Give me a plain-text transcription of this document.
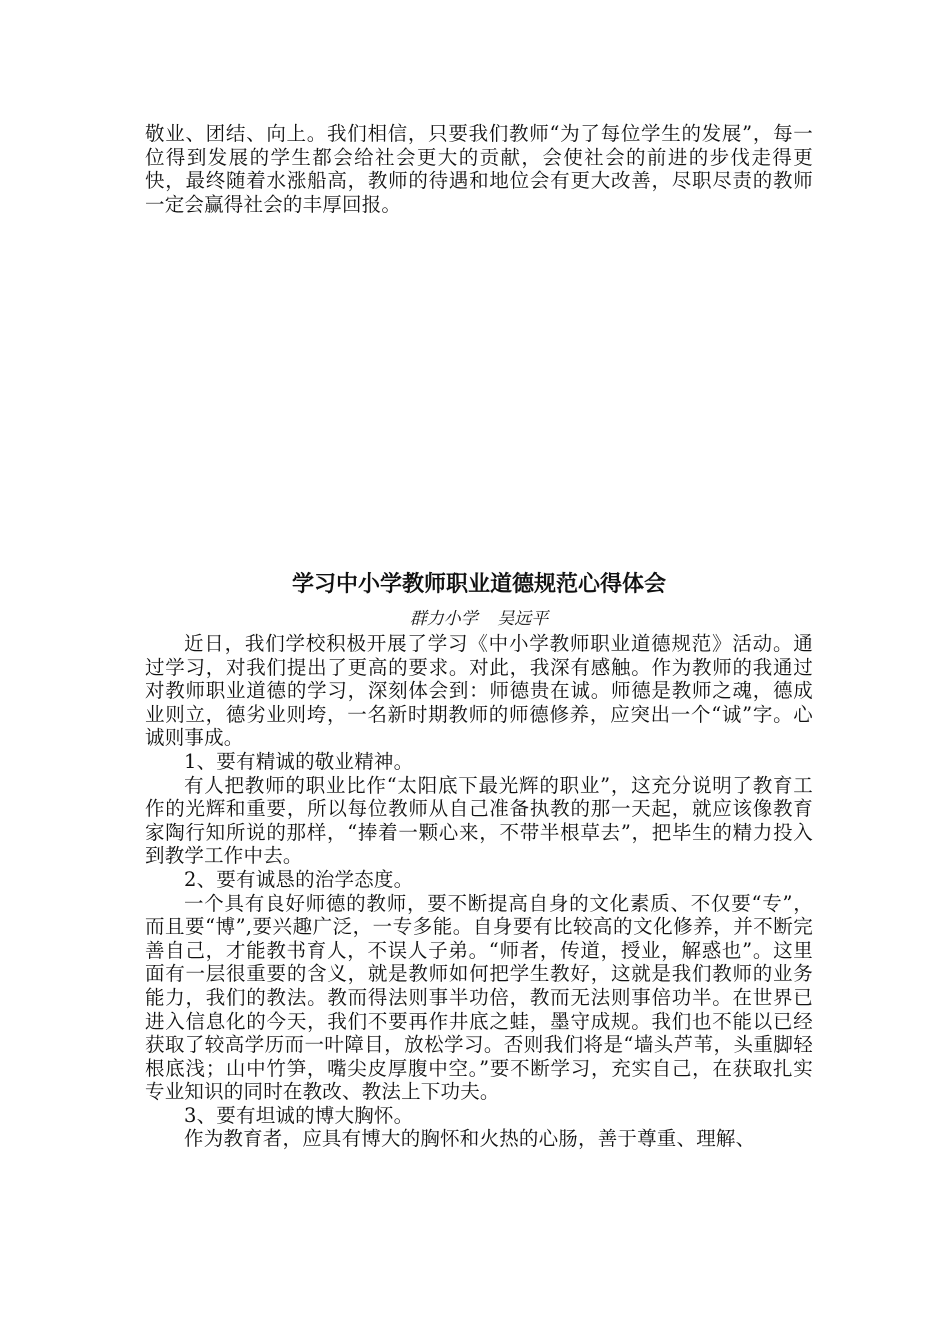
敬业、团结、向上。我们相信，只要我们教师“为了每位学生的发展”，每一位得到发展的学生都会给社会更大的贡献，会使社会的前进的步伐走得更快，最终随着水涨船高，教师的待遇和地位会有更大改善，尽职尽责的教师一定会赢得社会的丰厚回报。

学习中小学教师职业道德规范心得体会
群力小学 吴远平

近日，我们学校积极开展了学习《中小学教师职业道德规范》活动。通过学习，对我们提出了更高的要求。对此，我深有感触。作为教师的我通过对教师职业道德的学习，深刻体会到：师德贵在诚。师德是教师之魂，德成业则立，德劣业则垮，一名新时期教师的师德修养，应突出一个“诚”字。心诚则事成。

1、要有精诚的敬业精神。

有人把教师的职业比作“太阳底下最光辉的职业”，这充分说明了教育工作的光辉和重要，所以每位教师从自己准备执教的那一天起，就应该像教育家陶行知所说的那样，“捧着一颗心来，不带半根草去”，把毕生的精力投入到教学工作中去。

2、要有诚恳的治学态度。

一个具有良好师德的教师，要不断提高自身的文化素质、不仅要“专”，而且要“博”,要兴趣广泛，一专多能。自身要有比较高的文化修养，并不断完善自己，才能教书育人，不误人子弟。“师者，传道，授业，解惑也”。这里面有一层很重要的含义，就是教师如何把学生教好，这就是我们教师的业务能力，我们的教法。教而得法则事半功倍，教而无法则事倍功半。在世界已进入信息化的今天，我们不要再作井底之蛙，墨守成规。我们也不能以已经获取了较高学历而一叶障目，放松学习。否则我们将是“墙头芦苇，头重脚轻根底浅；山中竹笋，嘴尖皮厚腹中空。”要不断学习，充实自己，在获取扎实专业知识的同时在教改、教法上下功夫。

3、要有坦诚的博大胸怀。

作为教育者，应具有博大的胸怀和火热的心肠，善于尊重、理解、
